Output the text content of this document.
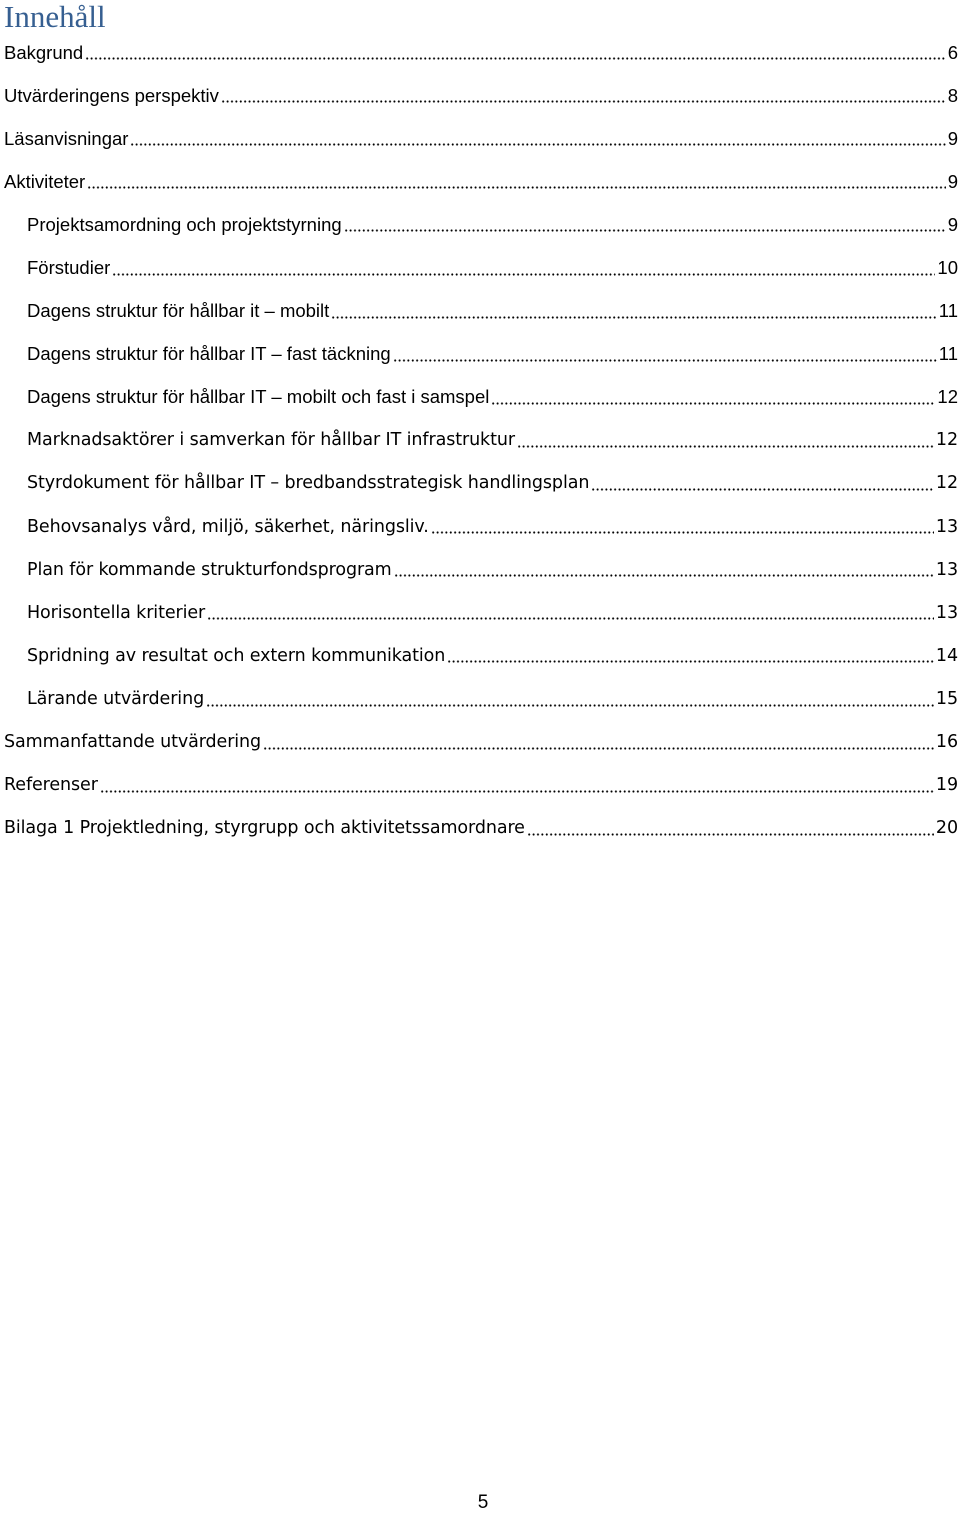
Innehåll
Bakgrund	6
Utvärderingens perspektiv	8
Läsanvisningar	9
Aktiviteter	9
Projektsamordning och projektstyrning	9
Förstudier	10
Dagens struktur för hållbar it – mobilt	11
Dagens struktur för hållbar IT – fast täckning	11
Dagens struktur för hållbar IT – mobilt och fast i samspel	12
Marknadsaktörer i samverkan för hållbar IT infrastruktur	12
Styrdokument för hållbar IT – bredbandsstrategisk handlingsplan	12
Behovsanalys vård, miljö, säkerhet, näringsliv.	13
Plan för kommande strukturfondsprogram	13
Horisontella kriterier	13
Spridning av resultat och extern kommunikation	14
Lärande utvärdering	15
Sammanfattande utvärdering	16
Referenser	19
Bilaga 1 Projektledning, styrgrupp och aktivitetssamordnare	20
5
